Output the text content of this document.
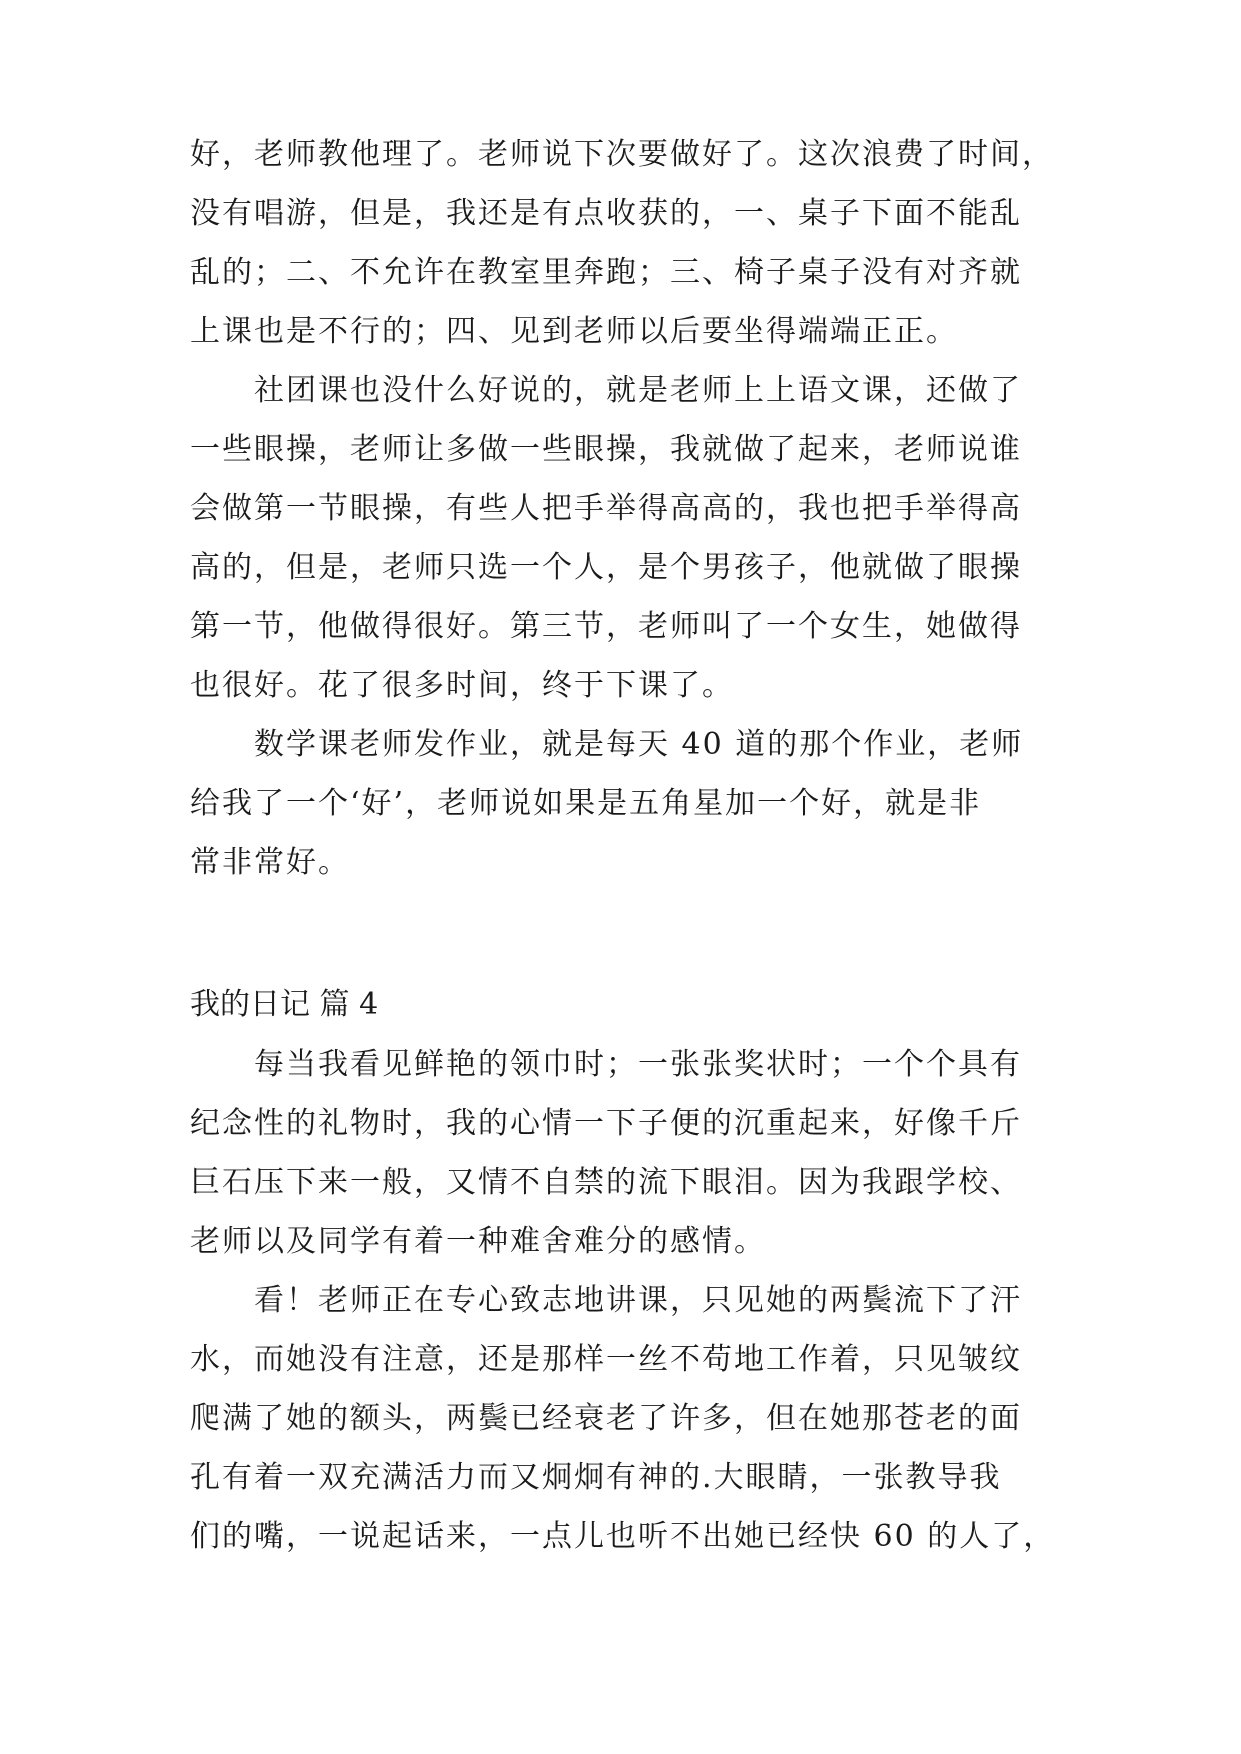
好，老师教他理了。老师说下次要做好了。这次浪费了时间，
没有唱游，但是，我还是有点收获的，一、桌子下面不能乱
乱的；二、不允许在教室里奔跑；三、椅子桌子没有对齐就
上课也是不行的；四、见到老师以后要坐得端端正正。
　　社团课也没什么好说的，就是老师上上语文课，还做了
一些眼操，老师让多做一些眼操，我就做了起来，老师说谁
会做第一节眼操，有些人把手举得高高的，我也把手举得高
高的，但是，老师只选一个人，是个男孩子，他就做了眼操
第一节，他做得很好。第三节，老师叫了一个女生，她做得
也很好。花了很多时间，终于下课了。
　　数学课老师发作业，就是每天 40 道的那个作业，老师
给我了一个‘好’，老师说如果是五角星加一个好，就是非
常非常好。
我的日记 篇 4
　　每当我看见鲜艳的领巾时；一张张奖状时；一个个具有
纪念性的礼物时，我的心情一下子便的沉重起来，好像千斤
巨石压下来一般，又情不自禁的流下眼泪。因为我跟学校、
老师以及同学有着一种难舍难分的感情。
　　看！老师正在专心致志地讲课，只见她的两鬓流下了汗
水，而她没有注意，还是那样一丝不苟地工作着，只见皱纹
爬满了她的额头，两鬓已经衰老了许多，但在她那苍老的面
孔有着一双充满活力而又炯炯有神的.大眼睛，一张教导我
们的嘴，一说起话来，一点儿也听不出她已经快 60 的人了，
